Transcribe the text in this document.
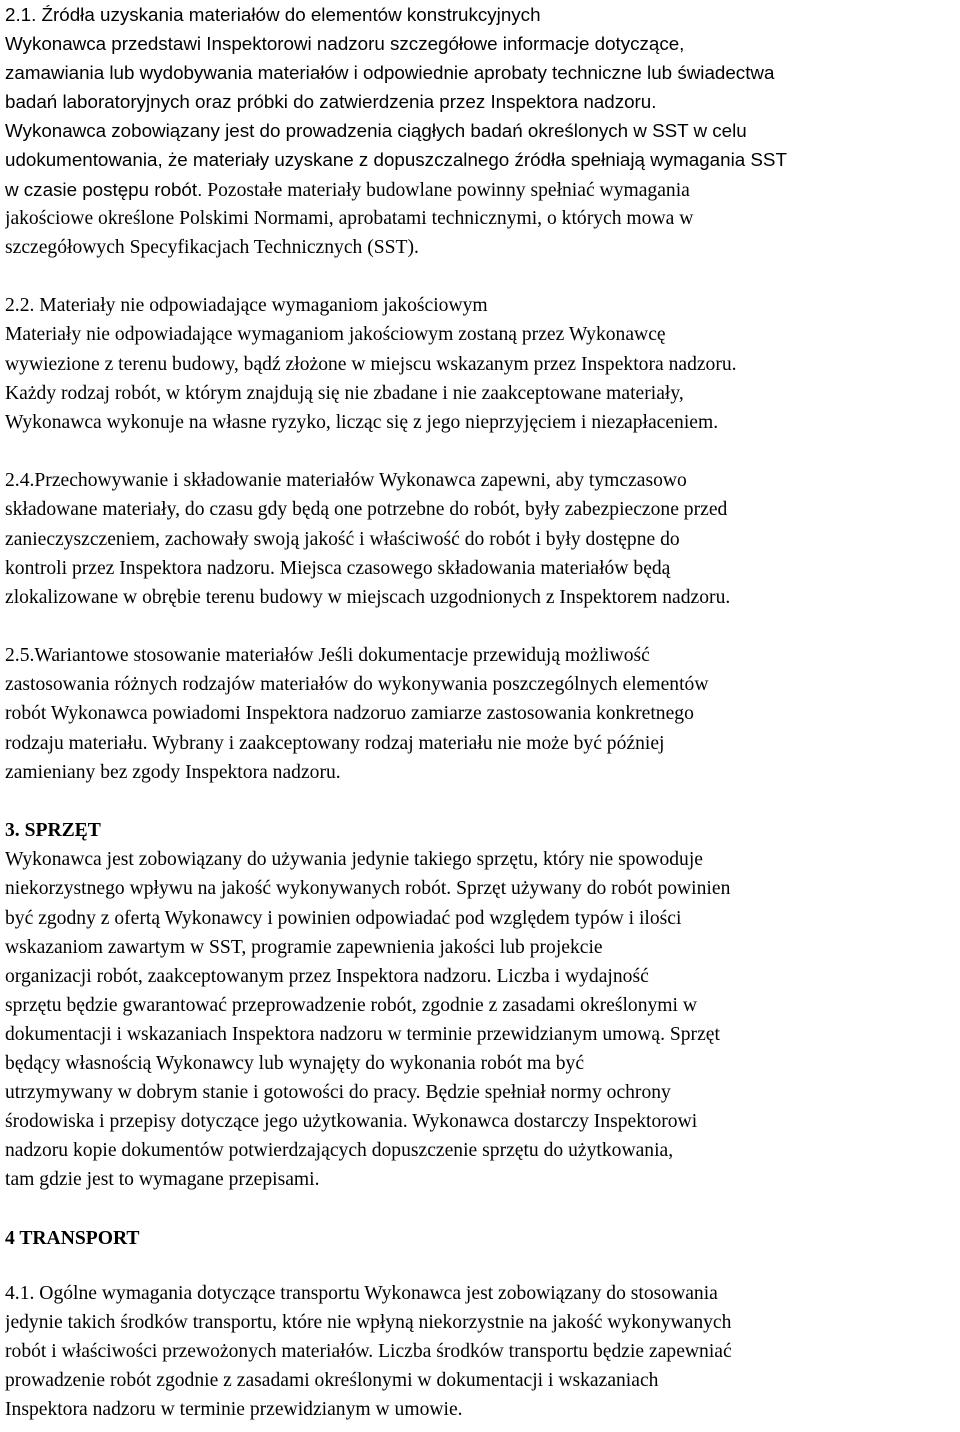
2.1. Źródła uzyskania materiałów do elementów konstrukcyjnych
Wykonawca przedstawi Inspektorowi nadzoru szczegółowe informacje dotyczące,
zamawiania lub wydobywania materiałów i odpowiednie aprobaty techniczne lub świadectwa
badań laboratoryjnych oraz próbki do zatwierdzenia przez Inspektora nadzoru.
Wykonawca zobowiązany jest do prowadzenia ciągłych badań określonych w SST w celu
udokumentowania, że materiały uzyskane z dopuszczalnego źródła spełniają wymagania SST
w czasie postępu robót. Pozostałe materiały budowlane powinny spełniać wymagania
jakościowe określone Polskimi Normami, aprobatami technicznymi, o których mowa w
szczegółowych Specyfikacjach Technicznych (SST).
2.2. Materiały nie odpowiadające wymaganiom jakościowym
Materiały nie odpowiadające wymaganiom jakościowym zostaną przez Wykonawcę
wywiezione z terenu budowy, bądź złożone w miejscu wskazanym przez Inspektora nadzoru.
Każdy rodzaj robót, w którym znajdują się nie zbadane i nie zaakceptowane materiały,
Wykonawca wykonuje na własne ryzyko, licząc się z jego nieprzyjęciem i niezapłaceniem.
2.4.Przechowywanie i składowanie materiałów Wykonawca zapewni, aby tymczasowo
składowane materiały, do czasu gdy będą one potrzebne do robót, były zabezpieczone przed
zanieczyszczeniem, zachowały swoją jakość i właściwość do robót i były dostępne do
kontroli przez Inspektora nadzoru. Miejsca czasowego składowania materiałów będą
zlokalizowane w obrębie terenu budowy w miejscach uzgodnionych z Inspektorem nadzoru.
2.5.Wariantowe stosowanie materiałów Jeśli dokumentacje przewidują możliwość
zastosowania różnych rodzajów materiałów do wykonywania poszczególnych elementów
robót Wykonawca powiadomi Inspektora nadzoruo zamiarze zastosowania konkretnego
rodzaju materiału. Wybrany i zaakceptowany rodzaj materiału nie może być później
zamieniany bez zgody Inspektora nadzoru.
3. SPRZĘT
Wykonawca jest zobowiązany do używania jedynie takiego sprzętu, który nie spowoduje
niekorzystnego wpływu na jakość wykonywanych robót. Sprzęt używany do robót powinien
być zgodny z ofertą Wykonawcy i powinien odpowiadać pod względem typów i ilości
wskazaniom zawartym w SST, programie zapewnienia jakości lub projekcie
organizacji robót, zaakceptowanym przez Inspektora nadzoru. Liczba i wydajność
sprzętu będzie gwarantować przeprowadzenie robót, zgodnie z zasadami określonymi w
dokumentacji i wskazaniach Inspektora nadzoru w terminie przewidzianym umową. Sprzęt
będący własnością Wykonawcy lub wynajęty do wykonania robót ma być
utrzymywany w dobrym stanie i gotowości do pracy. Będzie spełniał normy ochrony
środowiska i przepisy dotyczące jego użytkowania. Wykonawca dostarczy Inspektorowi
nadzoru kopie dokumentów potwierdzających dopuszczenie sprzętu do użytkowania,
tam gdzie jest to wymagane przepisami.
4 TRANSPORT
4.1. Ogólne wymagania dotyczące transportu Wykonawca jest zobowiązany do stosowania
jedynie takich środków transportu, które nie wpłyną niekorzystnie na jakość wykonywanych
robót i właściwości przewożonych materiałów. Liczba środków transportu będzie zapewniać
prowadzenie robót zgodnie z zasadami określonymi w dokumentacji i wskazaniach
Inspektora nadzoru w terminie przewidzianym w umowie.
